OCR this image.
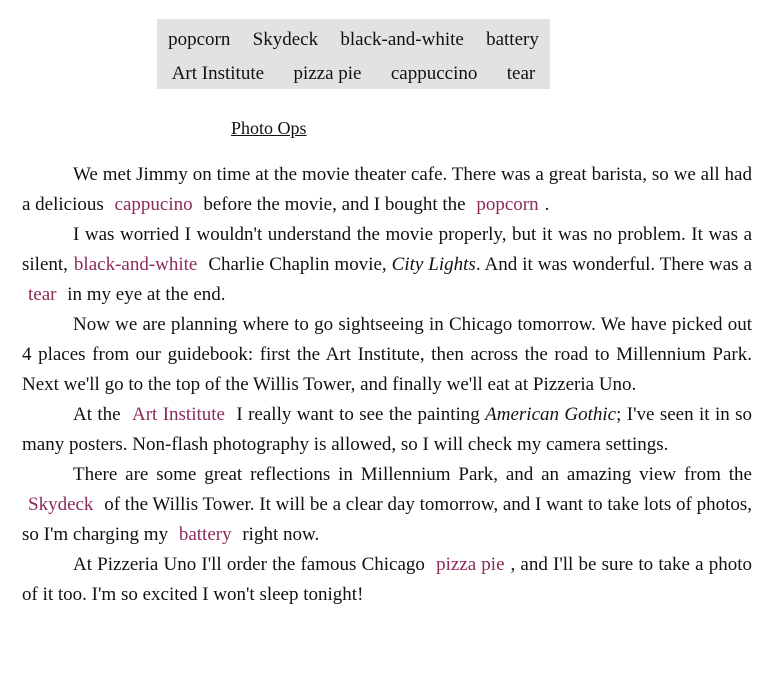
popcorn Skydeck black-and-white battery
Art Institute pizza pie cappuccino tear
Photo Ops

We met Jimmy on time at the movie theater cafe. There was a great barista, so we all had a delicious cappucino before the movie, and I bought the popcorn .

I was worried I wouldn't understand the movie properly, but it was no problem. It was a silent, black-and-white Charlie Chaplin movie, City Lights. And it was wonderful. There was a tear in my eye at the end.

Now we are planning where to go sightseeing in Chicago tomorrow. We have picked out 4 places from our guidebook: first the Art Institute, then across the road to Millennium Park. Next we'll go to the top of the Willis Tower, and finally we'll eat at Pizzeria Uno.

At the Art Institute I really want to see the painting American Gothic; I've seen it in so many posters. Non-flash photography is allowed, so I will check my camera settings.

There are some great reflections in Millennium Park, and an amazing view from the Skydeck of the Willis Tower. It will be a clear day tomorrow, and I want to take lots of photos, so I'm charging my battery right now.

At Pizzeria Uno I'll order the famous Chicago pizza pie , and I'll be sure to take a photo of it too. I'm so excited I won't sleep tonight!
